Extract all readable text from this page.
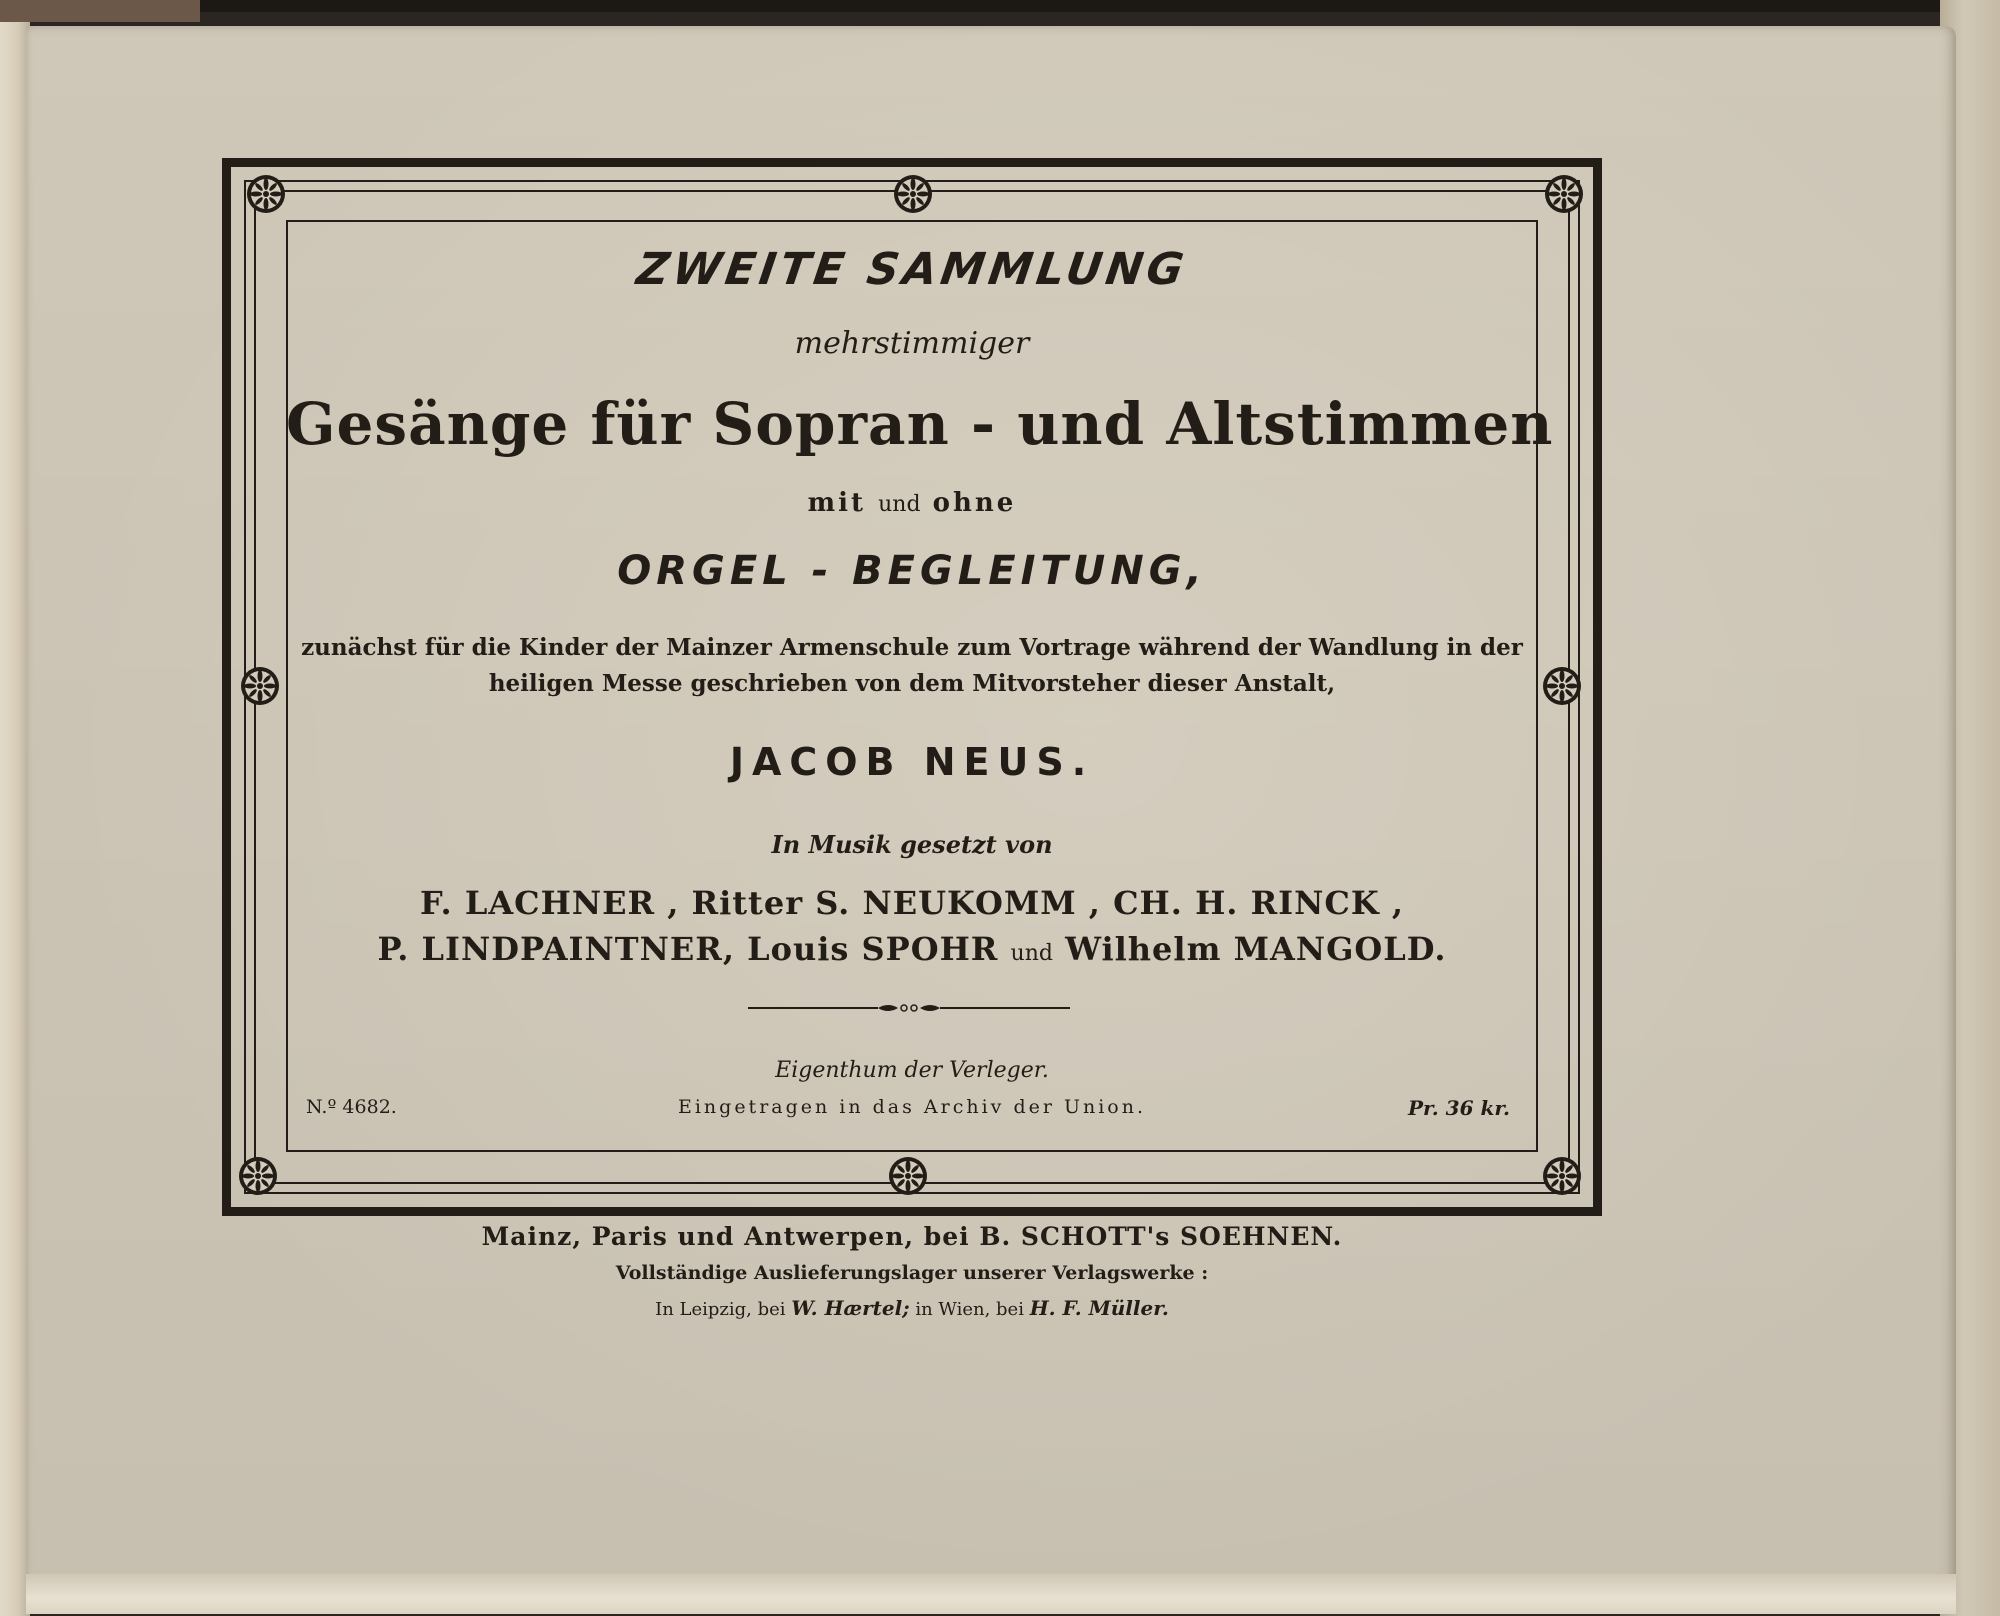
ZWEITE SAMMLUNG
mehrstimmiger
Gesänge für Sopran - und Altstimmen
mit und ohne
ORGEL - BEGLEITUNG,
zunächst für die Kinder der Mainzer Armenschule zum Vortrage während der Wandlung in der
heiligen Messe geschrieben von dem Mitvorsteher dieser Anstalt,
JACOB NEUS.
In Musik gesetzt von
F. LACHNER , Ritter S. NEUKOMM , CH. H. RINCK ,
P. LINDPAINTNER, Louis SPOHR und Wilhelm MANGOLD.
Eigenthum der Verleger.
Eingetragen in das Archiv der Union.
N.º 4682.	Pr. 36 kr.
Mainz, Paris und Antwerpen, bei B. SCHOTT's SOEHNEN.
Vollständige Auslieferungslager unserer Verlagswerke :
In Leipzig, bei W. Hærtel; in Wien, bei H. F. Müller.
